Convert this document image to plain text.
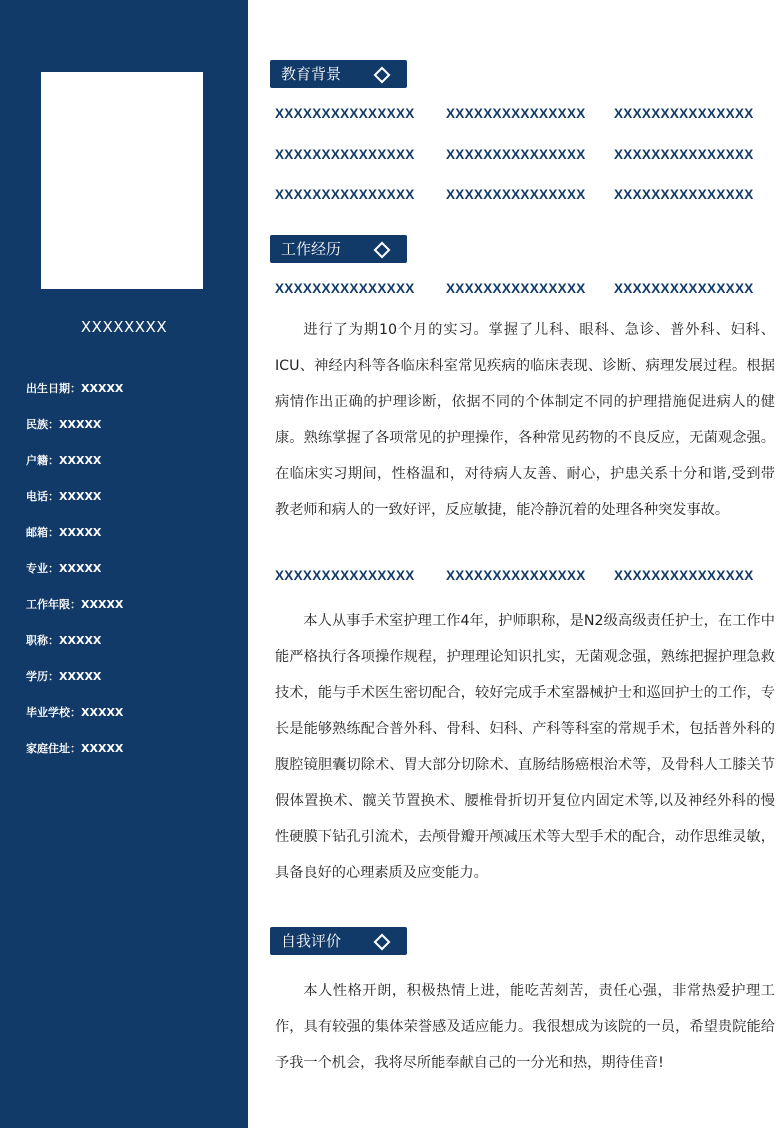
XXXXXXXX
出生日期：XXXXX
民族：XXXXX
户籍：XXXXX
电话：XXXXX
邮箱：XXXXX
专业：XXXXX
工作年限：XXXXX
职称：XXXXX
学历：XXXXX
毕业学校：XXXXX
家庭住址：XXXXX
教育背景
XXXXXXXXXXXXXXX XXXXXXXXXXXXXXX XXXXXXXXXXXXXXX
XXXXXXXXXXXXXXX XXXXXXXXXXXXXXX XXXXXXXXXXXXXXX
XXXXXXXXXXXXXXX XXXXXXXXXXXXXXX XXXXXXXXXXXXXXX
工作经历
XXXXXXXXXXXXXXX XXXXXXXXXXXXXXX XXXXXXXXXXXXXXX

进行了为期10个月的实习。掌握了儿科、眼科、急诊、普外科、妇科、ICU、神经内科等各临床科室常见疾病的临床表现、诊断、病理发展过程。根据病情作出正确的护理诊断，依据不同的个体制定不同的护理措施促进病人的健康。熟练掌握了各项常见的护理操作，各种常见药物的不良反应，无菌观念强。在临床实习期间，性格温和，对待病人友善、耐心，护患关系十分和谐,受到带教老师和病人的一致好评，反应敏捷，能冷静沉着的处理各种突发事故。

XXXXXXXXXXXXXXX XXXXXXXXXXXXXXX XXXXXXXXXXXXXXX

本人从事手术室护理工作4年，护师职称，是N2级高级责任护士，在工作中能严格执行各项操作规程，护理理论知识扎实，无菌观念强，熟练把握护理急救技术，能与手术医生密切配合，较好完成手术室器械护士和巡回护士的工作，专长是能够熟练配合普外科、骨科、妇科、产科等科室的常规手术，包括普外科的腹腔镜胆囊切除术、胃大部分切除术、直肠结肠癌根治术等，及骨科人工膝关节假体置换术、髋关节置换术、腰椎骨折切开复位内固定术等,以及神经外科的慢性硬膜下钻孔引流术，去颅骨瓣开颅减压术等大型手术的配合，动作思维灵敏，具备良好的心理素质及应变能力。

自我评价

本人性格开朗，积极热情上进，能吃苦刻苦，责任心强，非常热爱护理工作，具有较强的集体荣誉感及适应能力。我很想成为该院的一员，希望贵院能给予我一个机会，我将尽所能奉献自己的一分光和热，期待佳音!
